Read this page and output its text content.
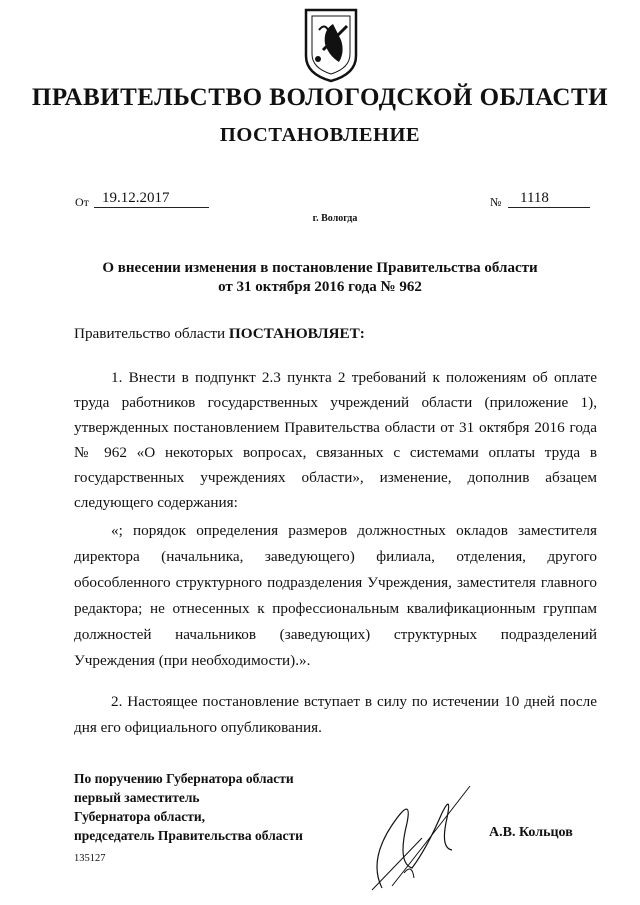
ПРАВИТЕЛЬСТВО ВОЛОГОДСКОЙ ОБЛАСТИ
ПОСТАНОВЛЕНИЕ
От 19.12.2017	№	1118
г. Вологда
О внесении изменения в постановление Правительства области
от 31 октября 2016 года № 962
Правительство области ПОСТАНОВЛЯЕТ:
1. Внести в подпункт 2.3 пункта 2 требований к положениям об оплате
труда работников государственных учреждений области (приложение 1),
утвержденных постановлением Правительства области от 31 октября 2016 года
№ 962 «О некоторых вопросах, связанных с системами оплаты труда в
государственных учреждениях области», изменение, дополнив абзацем
следующего содержания:
«; порядок определения размеров должностных окладов заместителя
директора (начальника, заведующего) филиала, отделения, другого
обособленного структурного подразделения Учреждения, заместителя главного
редактора; не отнесенных к профессиональным квалификационным группам
должностей начальников (заведующих) структурных подразделений
Учреждения (при необходимости).».
2. Настоящее постановление вступает в силу по истечении 10 дней после
дня его официального опубликования.
По поручению Губернатора области
первый заместитель
Губернатора области,
председатель Правительства области	А.В. Кольцов
135127
